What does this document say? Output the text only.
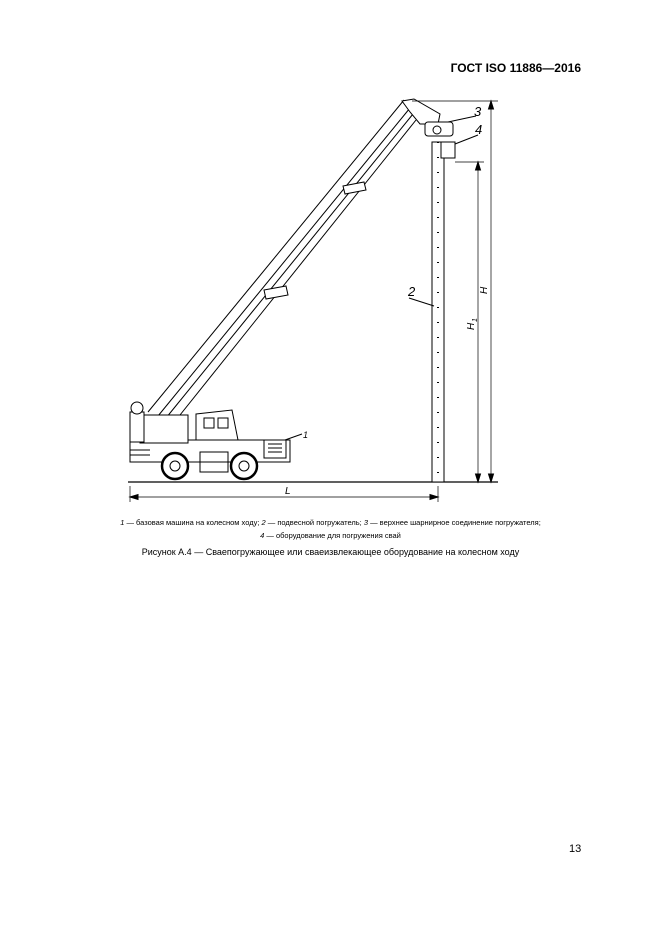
ГОСТ ISO 11886—2016
1
2
3
4
H
H
1
L
1 — базовая машина на колесном ходу; 2 — подвесной погружатель; 3 — верхнее шарнирное соединение погружателя;
4 — оборудование для погружения свай
Рисунок А.4 — Сваепогружающее или сваеизвлекающее оборудование на колесном ходу
13
